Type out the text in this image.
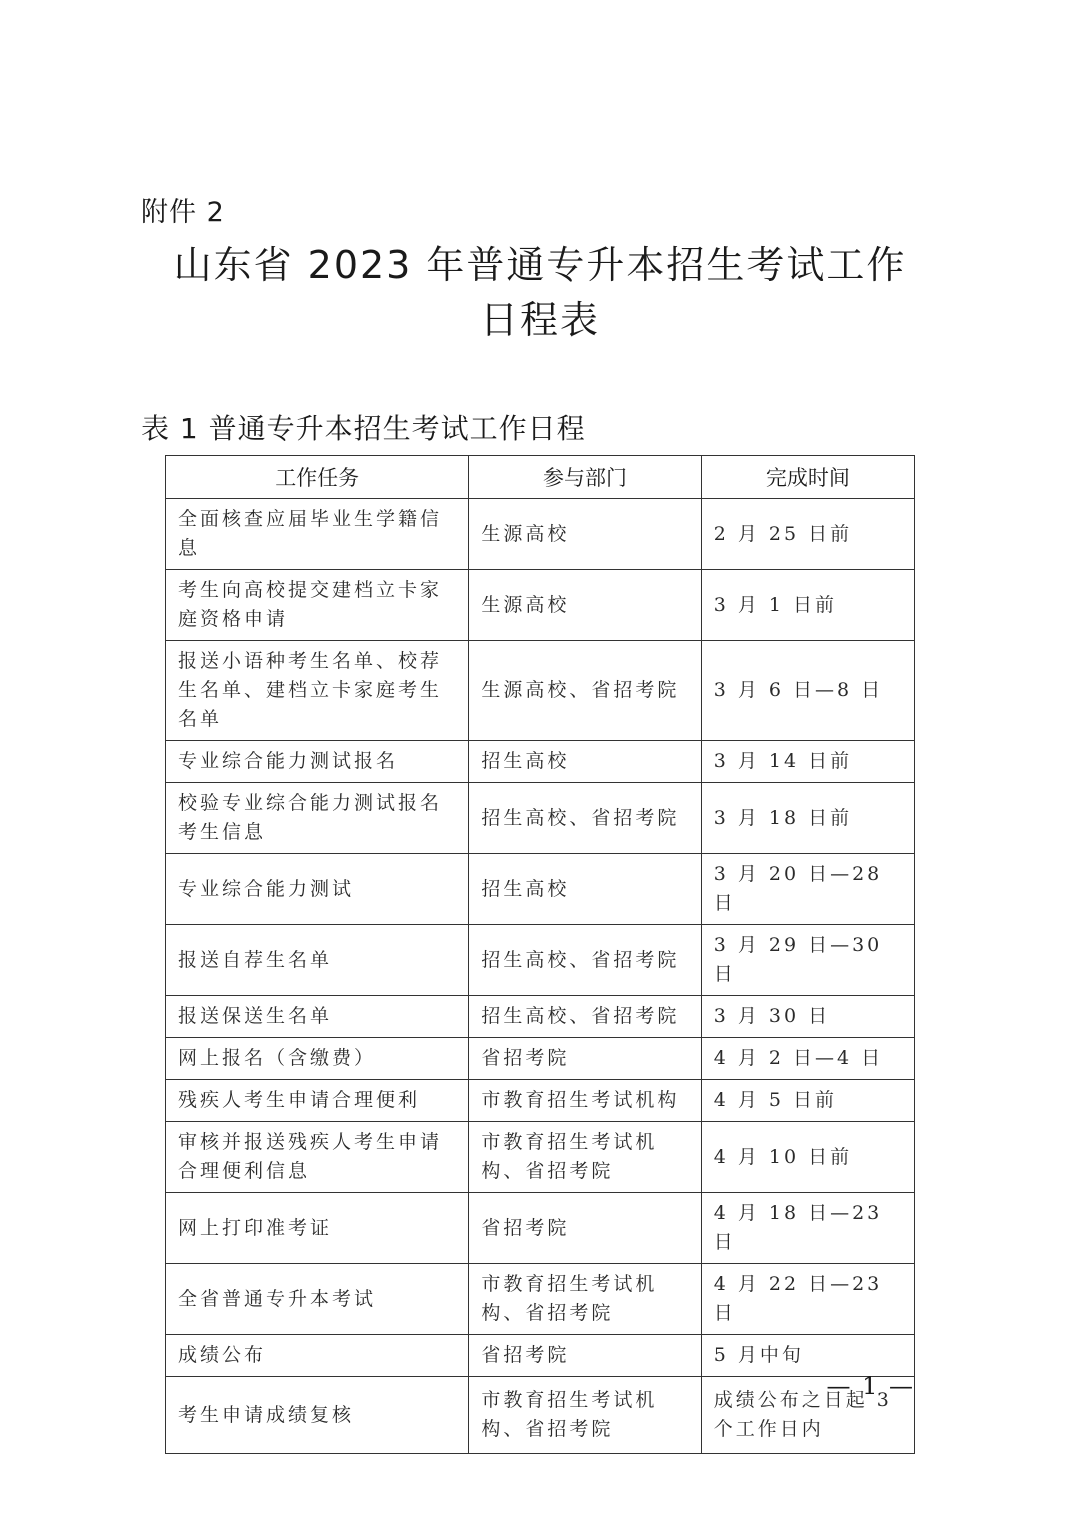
附件 2
山东省 2023 年普通专升本招生考试工作
日程表
表 1 普通专升本招生考试工作日程
工作任务	参与部门	完成时间
全面核查应届毕业生学籍信息	生源高校	2 月 25 日前
考生向高校提交建档立卡家庭资格申请	生源高校	3 月 1 日前
报送小语种考生名单、校荐生名单、建档立卡家庭考生名单	生源高校、省招考院	3 月 6 日—8 日
专业综合能力测试报名	招生高校	3 月 14 日前
校验专业综合能力测试报名考生信息	招生高校、省招考院	3 月 18 日前
专业综合能力测试	招生高校	3 月 20 日—28 日
报送自荐生名单	招生高校、省招考院	3 月 29 日—30 日
报送保送生名单	招生高校、省招考院	3 月 30 日
网上报名（含缴费）	省招考院	4 月 2 日—4 日
残疾人考生申请合理便利	市教育招生考试机构	4 月 5 日前
审核并报送残疾人考生申请合理便利信息	市教育招生考试机构、省招考院	4 月 10 日前
网上打印准考证	省招考院	4 月 18 日—23 日
全省普通专升本考试	市教育招生考试机构、省招考院	4 月 22 日—23 日
成绩公布	省招考院	5 月中旬
考生申请成绩复核	市教育招生考试机构、省招考院	成绩公布之日起 3 个工作日内
— 1 —
